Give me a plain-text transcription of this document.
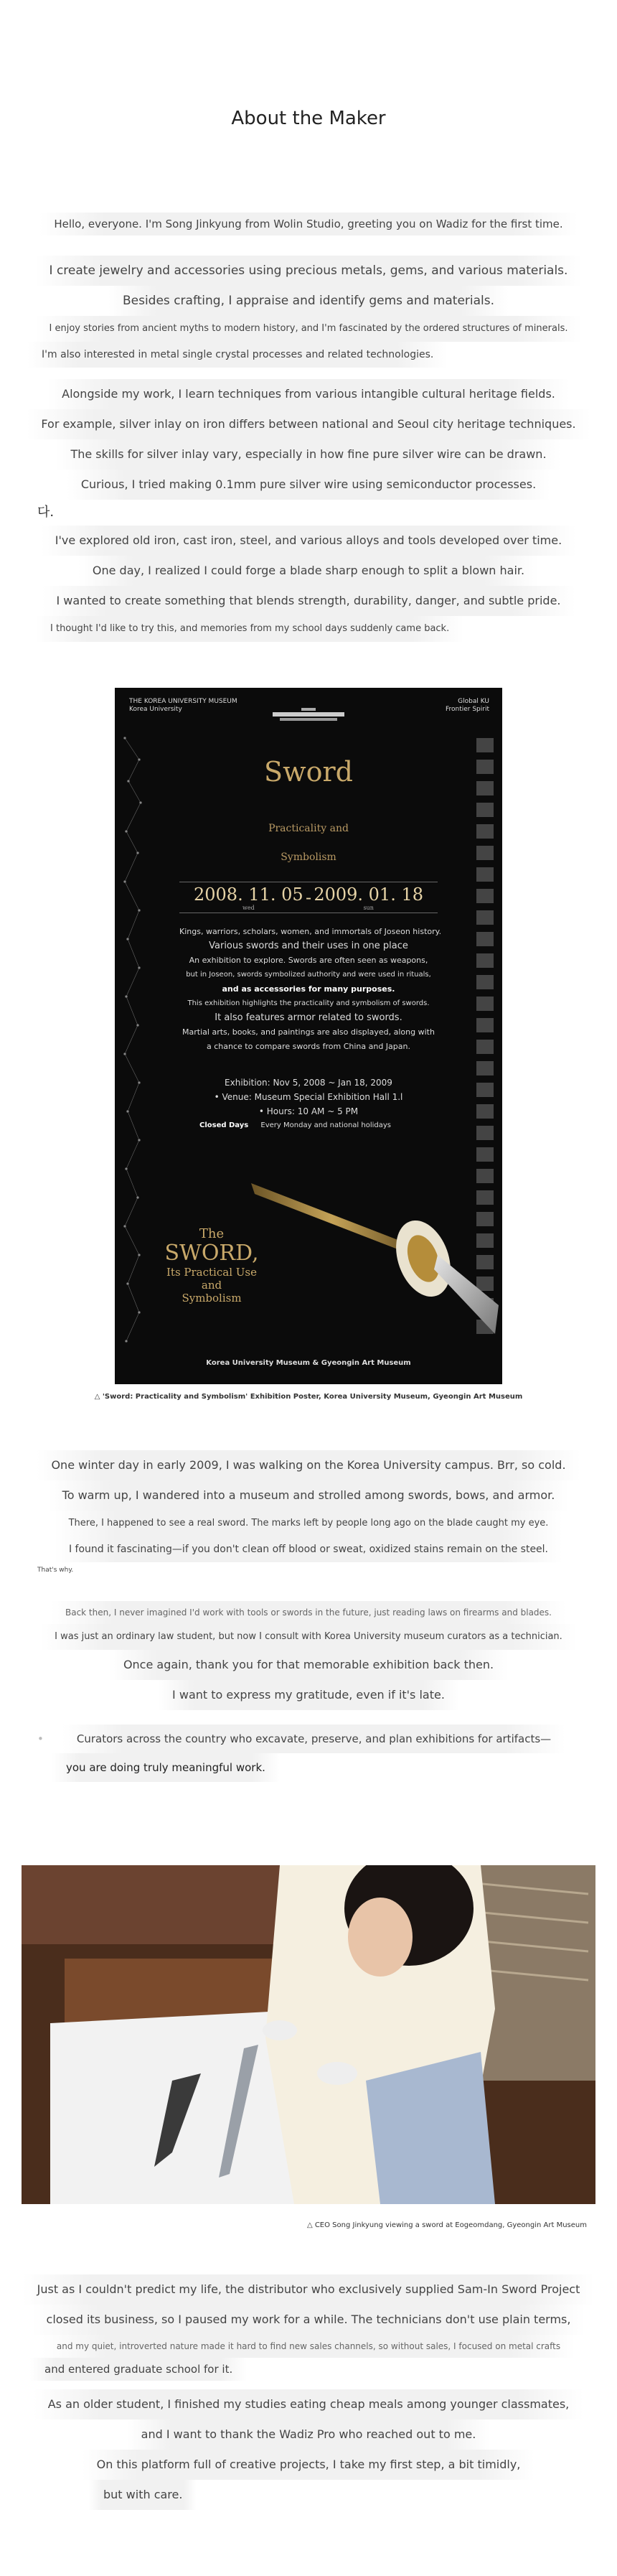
About the Maker
Hello, everyone. I'm Song Jinkyung from Wolin Studio, greeting you on Wadiz for the first time.
I create jewelry and accessories using precious metals, gems, and various materials.
Besides crafting, I appraise and identify gems and materials.
I enjoy stories from ancient myths to modern history, and I'm fascinated by the ordered structures of minerals.
I'm also interested in metal single crystal processes and related technologies.
Alongside my work, I learn techniques from various intangible cultural heritage fields.
For example, silver inlay on iron differs between national and Seoul city heritage techniques.
The skills for silver inlay vary, especially in how fine pure silver wire can be drawn.
Curious, I tried making 0.1mm pure silver wire using semiconductor processes.
다.
I've explored old iron, cast iron, steel, and various alloys and tools developed over time.
One day, I realized I could forge a blade sharp enough to split a blown hair.
I wanted to create something that blends strength, durability, danger, and subtle pride.
I thought I'd like to try this, and memories from my school days suddenly came back.
THE KOREA UNIVERSITY MUSEUM
Korea University
Global KU
Frontier Spirit
Sword
Practicality and
Symbolism
2008. 11. 05
wed	- 2009. 01. 18
sun
Kings, warriors, scholars, women, and immortals of Joseon history.
Various swords and their uses in one place
An exhibition to explore. Swords are often seen as weapons,
but in Joseon, swords symbolized authority and were used in rituals,
and as accessories for many purposes.
This exhibition highlights the practicality and symbolism of swords.
It also features armor related to swords.
Martial arts, books, and paintings are also displayed, along with
a chance to compare swords from China and Japan.
Exhibition: Nov 5, 2008 ~ Jan 18, 2009
• Venue: Museum Special Exhibition Hall 1.l
• Hours: 10 AM ~ 5 PM
Closed Days Every Monday and national holidays
The
SWORD,
Its Practical Use
and
Symbolism
Korea University Museum & Gyeongin Art Museum
△ 'Sword: Practicality and Symbolism' Exhibition Poster, Korea University Museum, Gyeongin Art Museum
One winter day in early 2009, I was walking on the Korea University campus. Brr, so cold.
To warm up, I wandered into a museum and strolled among swords, bows, and armor.
There, I happened to see a real sword. The marks left by people long ago on the blade caught my eye.
I found it fascinating—if you don't clean off blood or sweat, oxidized stains remain on the steel.
That's why.
Back then, I never imagined I'd work with tools or swords in the future, just reading laws on firearms and blades.
I was just an ordinary law student, but now I consult with Korea University museum curators as a technician.
Once again, thank you for that memorable exhibition back then.
I want to express my gratitude, even if it's late.
•	Curators across the country who excavate, preserve, and plan exhibitions for artifacts—
you are doing truly meaningful work.
△ CEO Song Jinkyung viewing a sword at Eogeomdang, Gyeongin Art Museum
Just as I couldn't predict my life, the distributor who exclusively supplied Sam-In Sword Project
closed its business, so I paused my work for a while. The technicians don't use plain terms,
and my quiet, introverted nature made it hard to find new sales channels, so without sales, I focused on metal crafts
and entered graduate school for it.
As an older student, I finished my studies eating cheap meals among younger classmates,
and I want to thank the Wadiz Pro who reached out to me.
On this platform full of creative projects, I take my first step, a bit timidly,
but with care.
